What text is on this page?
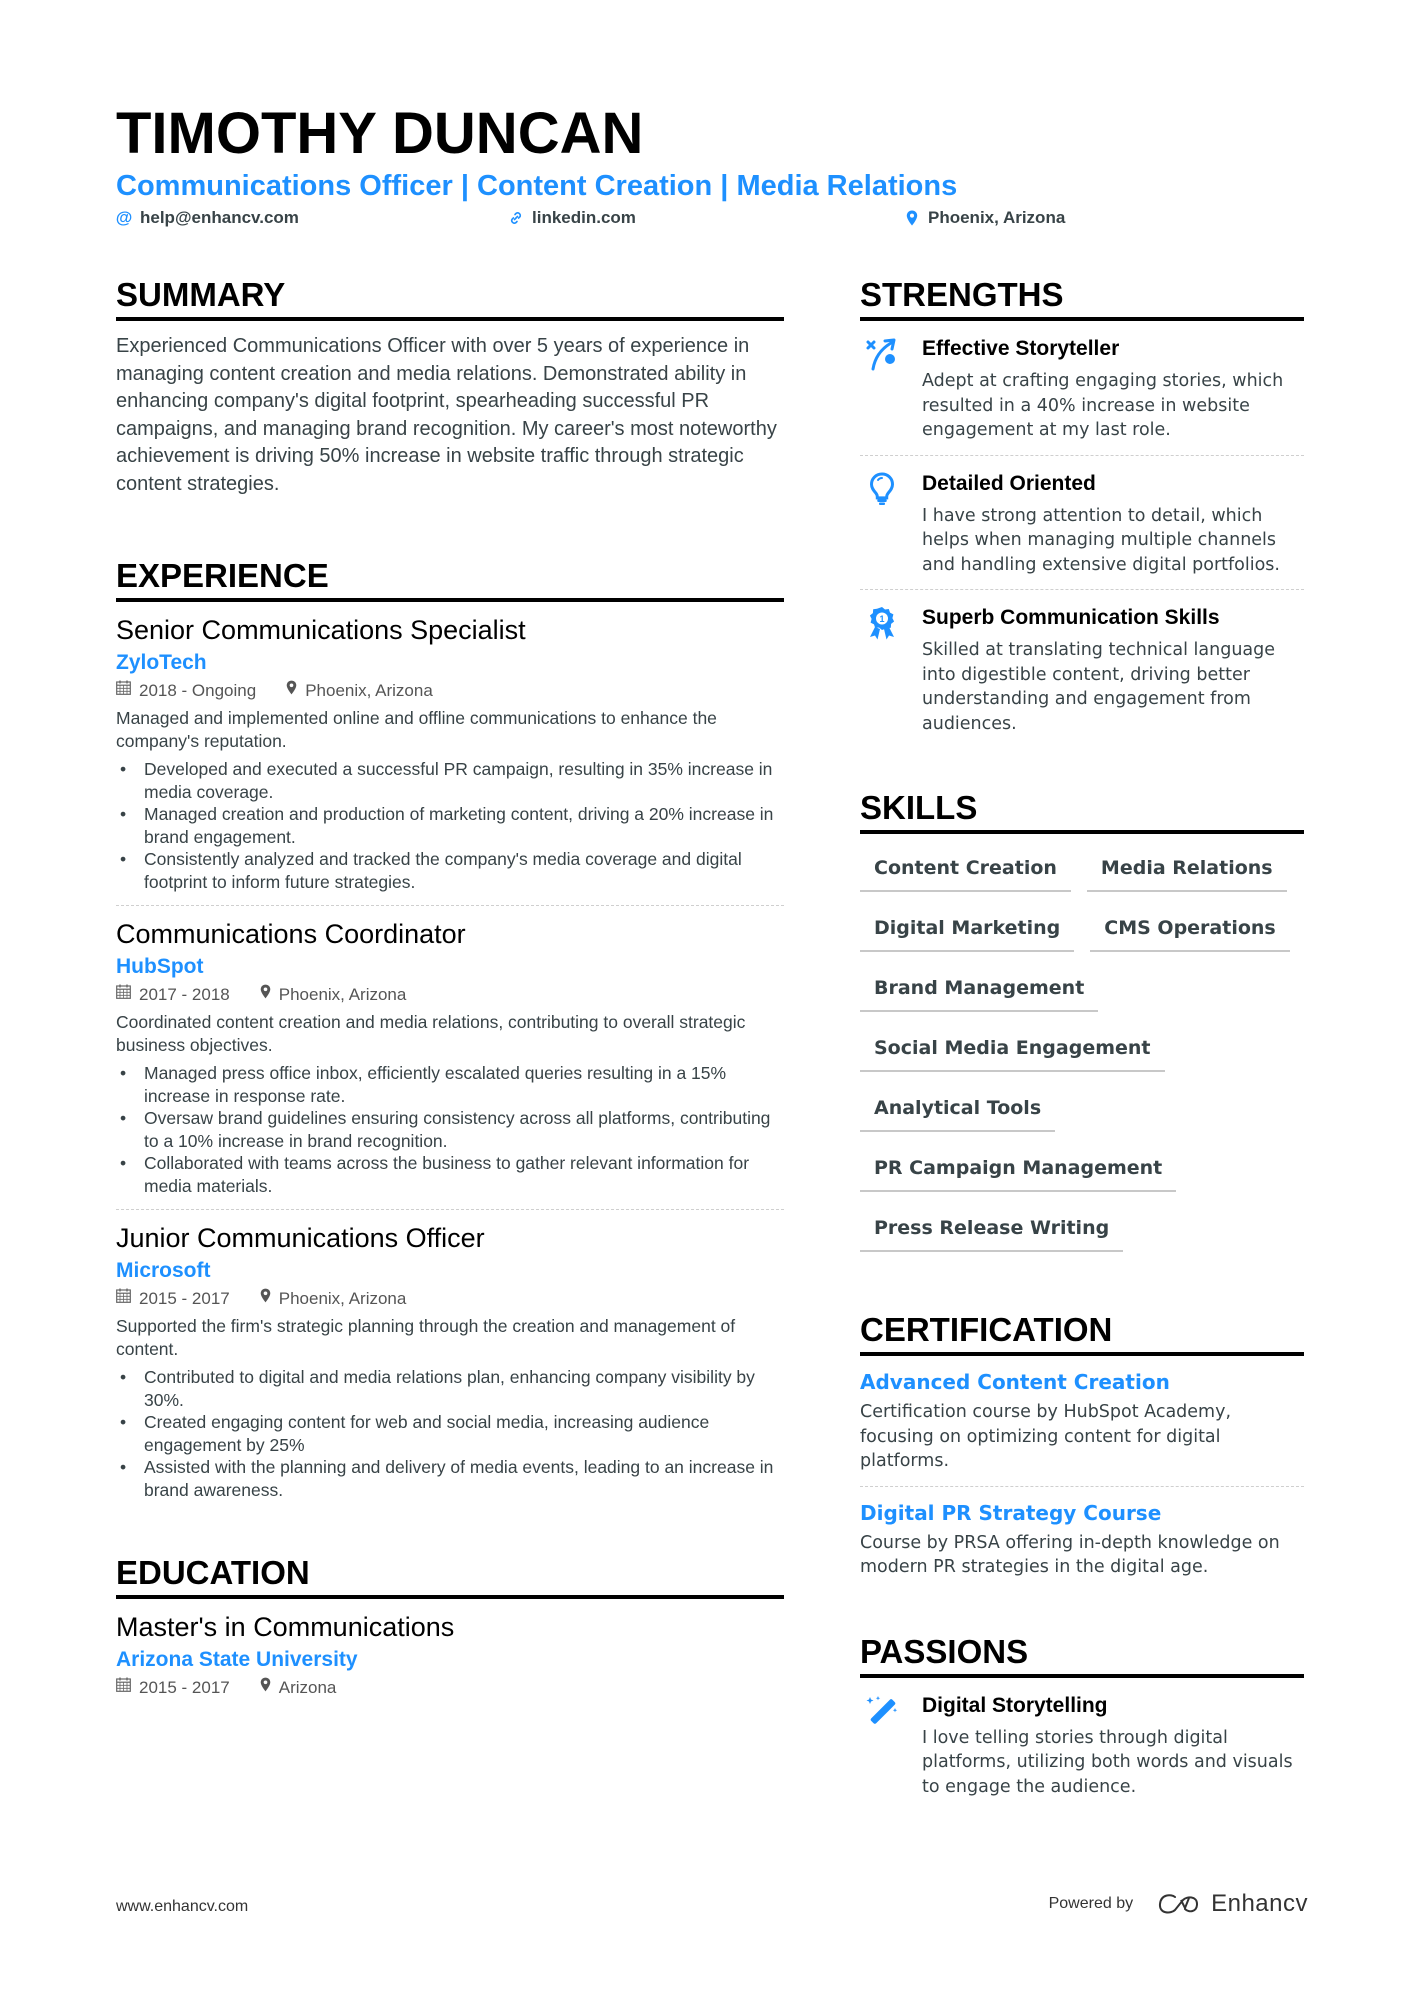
TIMOTHY DUNCAN
Communications Officer | Content Creation | Media Relations
@ help@enhancv.com	linkedin.com	Phoenix, Arizona
SUMMARY
Experienced Communications Officer with over 5 years of experience in managing content creation and media relations. Demonstrated ability in enhancing company's digital footprint, spearheading successful PR campaigns, and managing brand recognition. My career's most noteworthy achievement is driving 50% increase in website traffic through strategic content strategies.
EXPERIENCE
Senior Communications Specialist
ZyloTech
2018 - Ongoing	Phoenix, Arizona
Managed and implemented online and offline communications to enhance the company's reputation.
• Developed and executed a successful PR campaign, resulting in 35% increase in media coverage.
• Managed creation and production of marketing content, driving a 20% increase in brand engagement.
• Consistently analyzed and tracked the company's media coverage and digital footprint to inform future strategies.
Communications Coordinator
HubSpot
2017 - 2018	Phoenix, Arizona
Coordinated content creation and media relations, contributing to overall strategic business objectives.
• Managed press office inbox, efficiently escalated queries resulting in a 15% increase in response rate.
• Oversaw brand guidelines ensuring consistency across all platforms, contributing to a 10% increase in brand recognition.
• Collaborated with teams across the business to gather relevant information for media materials.
Junior Communications Officer
Microsoft
2015 - 2017	Phoenix, Arizona
Supported the firm's strategic planning through the creation and management of content.
• Contributed to digital and media relations plan, enhancing company visibility by 30%.
• Created engaging content for web and social media, increasing audience engagement by 25%
• Assisted with the planning and delivery of media events, leading to an increase in brand awareness.
EDUCATION
Master's in Communications
Arizona State University
2015 - 2017	Arizona
STRENGTHS
Effective Storyteller
Adept at crafting engaging stories, which resulted in a 40% increase in website engagement at my last role.
Detailed Oriented
I have strong attention to detail, which helps when managing multiple channels and handling extensive digital portfolios.
1 Superb Communication Skills
Skilled at translating technical language into digestible content, driving better understanding and engagement from audiences.
SKILLS
Content Creation	Media Relations
Digital Marketing	CMS Operations
Brand Management
Social Media Engagement
Analytical Tools
PR Campaign Management
Press Release Writing
CERTIFICATION
Advanced Content Creation
Certification course by HubSpot Academy, focusing on optimizing content for digital platforms.
Digital PR Strategy Course
Course by PRSA offering in-depth knowledge on modern PR strategies in the digital age.
PASSIONS
Digital Storytelling
I love telling stories through digital platforms, utilizing both words and visuals to engage the audience.
www.enhancv.com	Powered by	Enhancv
